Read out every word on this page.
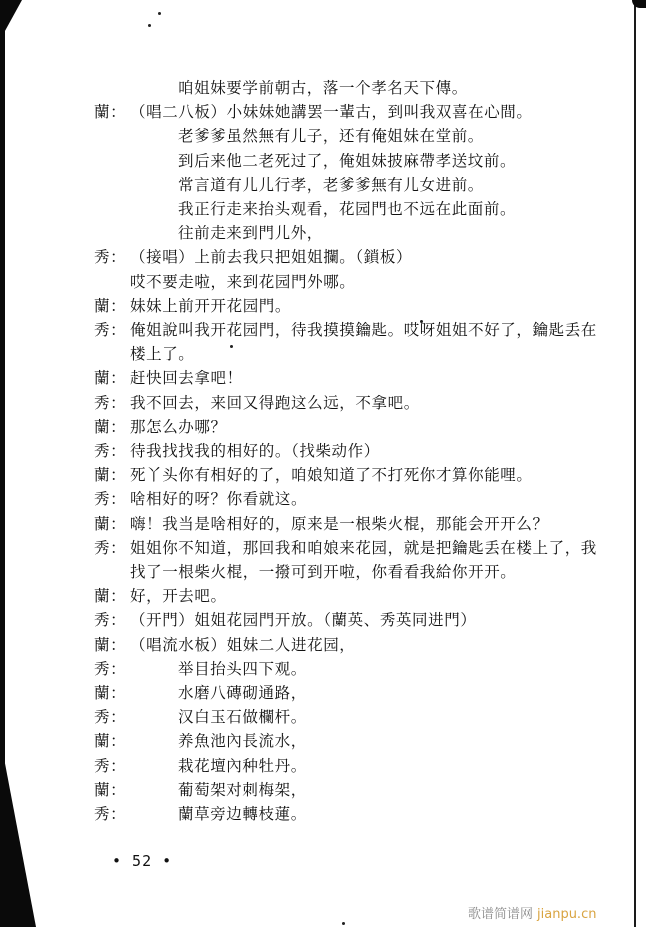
咱姐妹要学前朝古，落一个孝名天下傳。
蘭： （唱二八板）小妹妹她講罢一輩古，到叫我双喜在心間。
老爹爹虽然無有儿子，还有俺姐妹在堂前。
到后来他二老死过了，俺姐妹披麻帶孝送坟前。
常言道有儿儿行孝，老爹爹無有儿女进前。
我正行走来抬头观看，花园門也不远在此面前。
往前走来到門儿外，
秀： （接唱）上前去我只把姐姐攔。（鎖板）
哎不要走啦，来到花园門外哪。
蘭： 妹妹上前开开花园門。
秀： 俺姐說叫我开花园門，待我摸摸鑰匙。哎呀姐姐不好了，鑰匙丢在
楼上了。
蘭： 赶快回去拿吧！
秀： 我不回去，来回又得跑这么远，不拿吧。
蘭： 那怎么办哪？
秀： 待我找找我的相好的。（找柴动作）
蘭： 死丫头你有相好的了，咱娘知道了不打死你才算你能哩。
秀： 啥相好的呀？你看就这。
蘭： 嗨！我当是啥相好的，原来是一根柴火棍，那能会开开么？
秀： 姐姐你不知道，那回我和咱娘来花园，就是把鑰匙丢在楼上了，我
找了一根柴火棍，一撥可到开啦，你看看我給你开开。
蘭： 好，开去吧。
秀： （开門）姐姐花园門开放。（蘭英、秀英同进門）
蘭： （唱流水板）姐妹二人进花园，
秀：	举目抬头四下观。
蘭：	水磨八磚砌通路，
秀：	汉白玉石做欄杆。
蘭：	养魚池內長流水，
秀：	栽花壇內种牡丹。
蘭：	葡萄架对刺梅架，
秀：	蘭草旁边轉枝蓮。
• 52 •
歌谱简谱网 jianpu.cn
